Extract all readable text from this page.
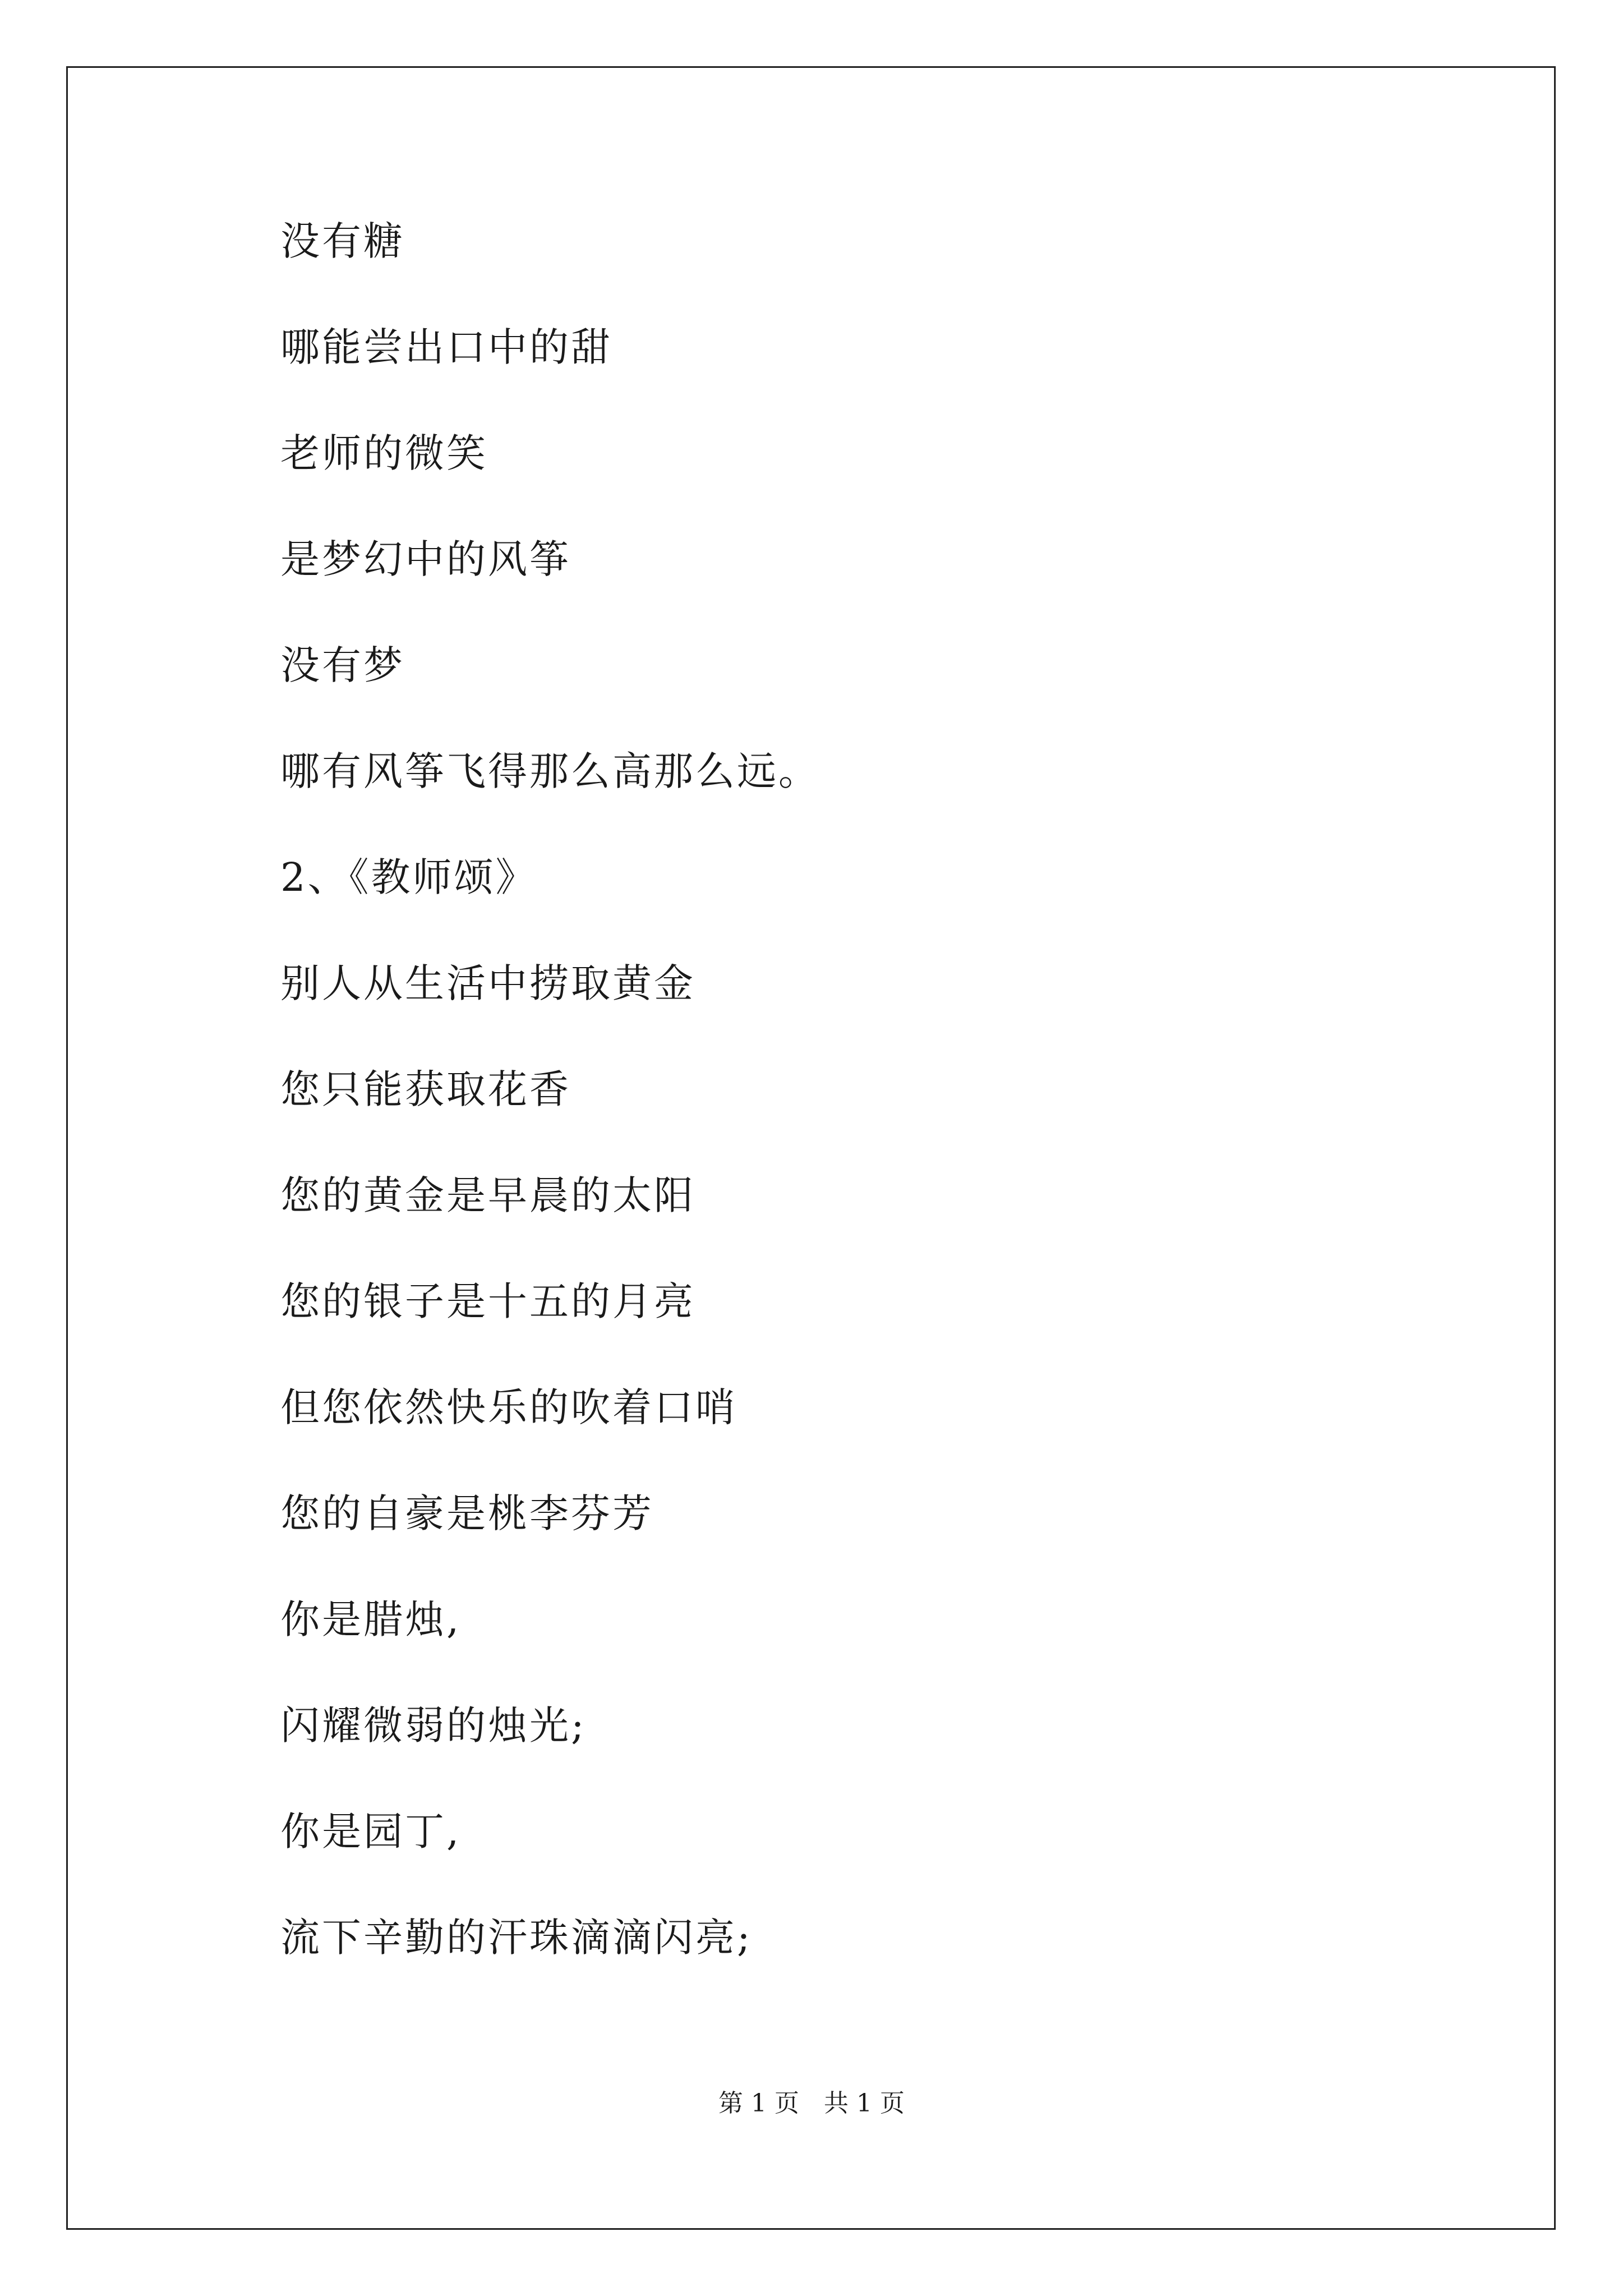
没有糖
哪能尝出口中的甜
老师的微笑
是梦幻中的风筝
没有梦
哪有风筝飞得那么高那么远。
2、《教师颂》
别人从生活中捞取黄金
您只能获取花香
您的黄金是早晨的太阳
您的银子是十五的月亮
但您依然快乐的吹着口哨
您的自豪是桃李芬芳
你是腊烛,
闪耀微弱的烛光;
你是园丁,
流下辛勤的汗珠滴滴闪亮;
第 1 页　共 1 页
